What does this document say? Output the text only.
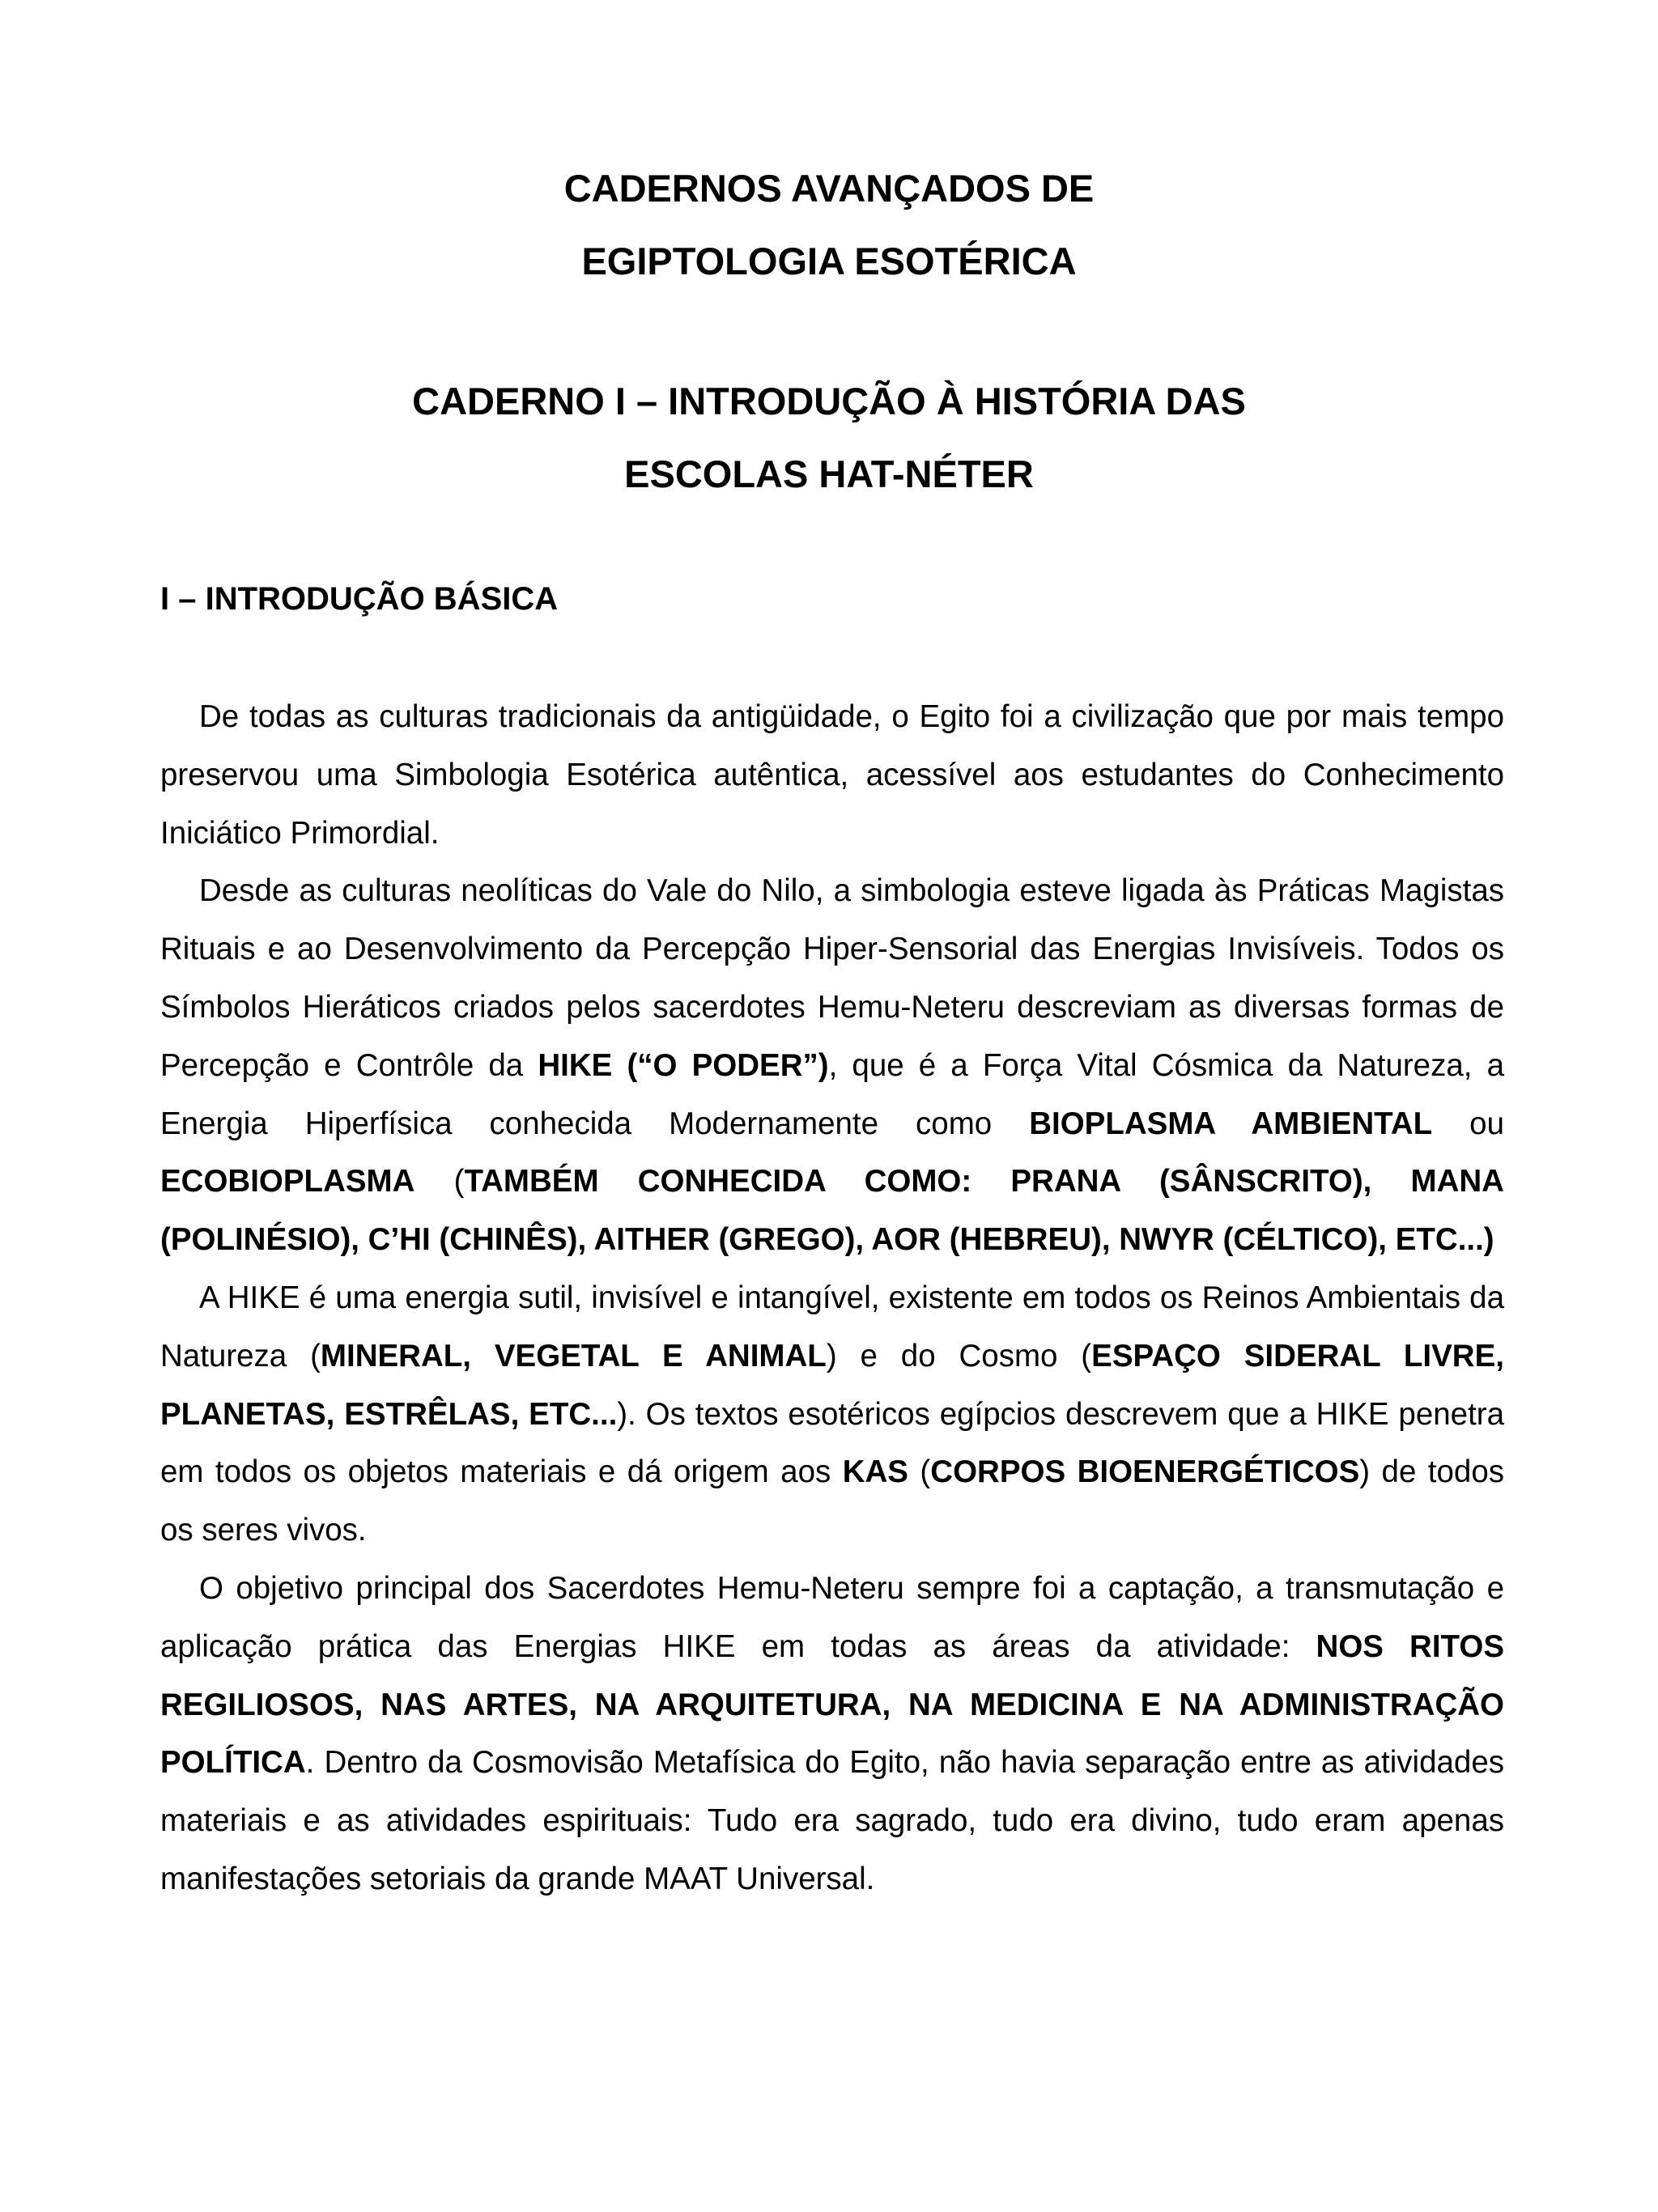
CADERNOS AVANÇADOS DE
EGIPTOLOGIA ESOTÉRICA
CADERNO I – INTRODUÇÃO À HISTÓRIA DAS
ESCOLAS HAT-NÉTER
I – INTRODUÇÃO BÁSICA

De todas as culturas tradicionais da antigüidade, o Egito foi a civilização que por mais tempo preservou uma Simbologia Esotérica autêntica, acessível aos estudantes do Conhecimento Iniciático Primordial.

Desde as culturas neolíticas do Vale do Nilo, a simbologia esteve ligada às Práticas Magistas Rituais e ao Desenvolvimento da Percepção Hiper-Sensorial das Energias Invisíveis. Todos os Símbolos Hieráticos criados pelos sacerdotes Hemu-Neteru descreviam as diversas formas de Percepção e Contrôle da HIKE (“O PODER”), que é a Força Vital Cósmica da Natureza, a Energia Hiperfísica conhecida Modernamente como BIOPLASMA AMBIENTAL ou ECOBIOPLASMA (TAMBÉM CONHECIDA COMO: PRANA (SÂNSCRITO), MANA (POLINÉSIO), C’HI (CHINÊS), AITHER (GREGO), AOR (HEBREU), NWYR (CÉLTICO), ETC...)

A HIKE é uma energia sutil, invisível e intangível, existente em todos os Reinos Ambientais da Natureza (MINERAL, VEGETAL E ANIMAL) e do Cosmo (ESPAÇO SIDERAL LIVRE, PLANETAS, ESTRÊLAS, ETC...). Os textos esotéricos egípcios descrevem que a HIKE penetra em todos os objetos materiais e dá origem aos KAS (CORPOS BIOENERGÉTICOS) de todos os seres vivos.

O objetivo principal dos Sacerdotes Hemu-Neteru sempre foi a captação, a transmutação e aplicação prática das Energias HIKE em todas as áreas da atividade: NOS RITOS REGILIOSOS, NAS ARTES, NA ARQUITETURA, NA MEDICINA E NA ADMINISTRAÇÃO POLÍTICA. Dentro da Cosmovisão Metafísica do Egito, não havia separação entre as atividades materiais e as atividades espirituais: Tudo era sagrado, tudo era divino, tudo eram apenas manifestações setoriais da grande MAAT Universal.
